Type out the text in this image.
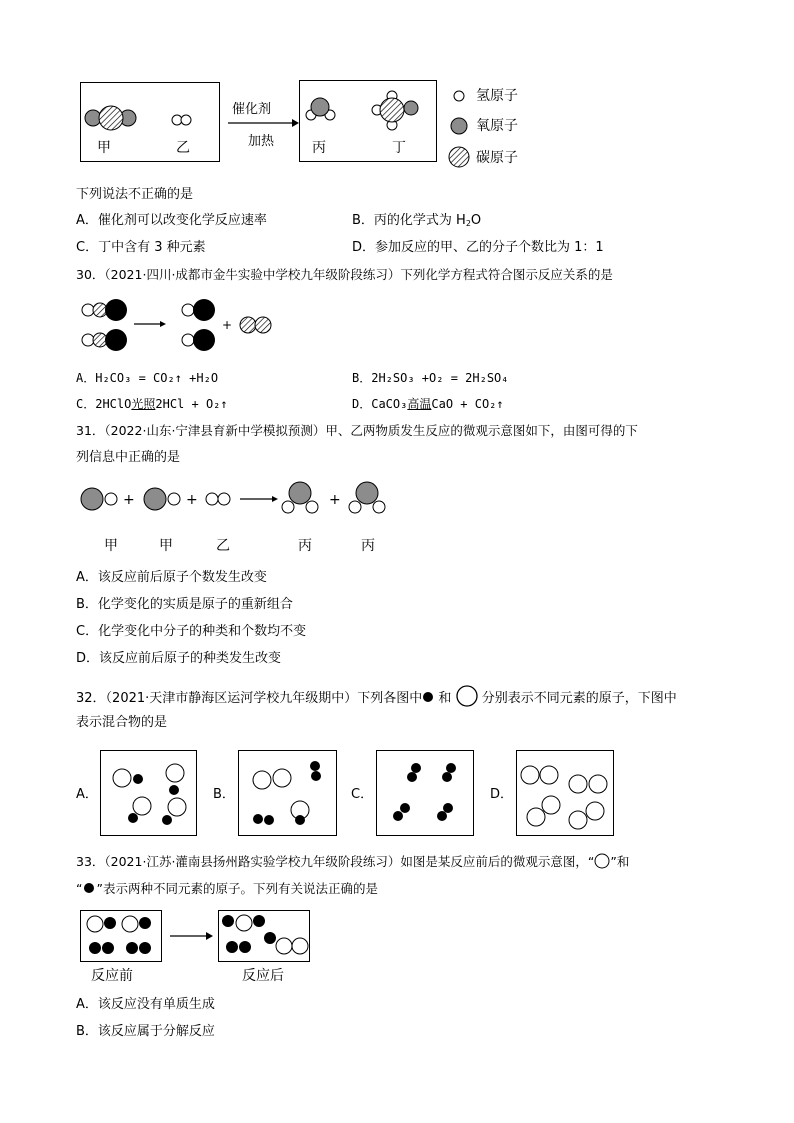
甲	乙
催化剂
加热	丙	丁
氢原子
氧原子
碳原子
下列说法不正确的是
A．催化剂可以改变化学反应速率	B．丙的化学式为 $H_2O$
C．丁中含有 3 种元素	D．参加反应的甲、乙的分子个数比为 1：1
30．（2021·四川·成都市金牛实验中学校九年级阶段练习）下列化学方程式符合图示反应关系的是
+
A．H₂CO₃ = CO₂↑ +H₂O	B．2H₂SO₃ +O₂ = 2H₂SO₄
C．2HClO光照2HCl + O₂↑	D．CaCO₃高温CaO + CO₂↑
31．（2022·山东·宁津县育新中学模拟预测）甲、乙两物质发生反应的微观示意图如下，由图可得的下
列信息中正确的是
+	+	+
甲	甲	乙	丙	丙
A．该反应前后原子个数发生改变
B．化学变化的实质是原子的重新组合
C．化学变化中分子的种类和个数均不变
D．该反应前后原子的种类发生改变
32．（2021·天津市静海区运河学校九年级期中）下列各图中 和 分别表示不同元素的原子，下图中
表示混合物的是
A．	B．	C．	D．
33．（2021·江苏·灌南县扬州路实验学校九年级阶段练习）如图是某反应前后的微观示意图，“ ”和
“ ”表示两种不同元素的原子。下列有关说法正确的是
反应前	反应后
A．该反应没有单质生成
B．该反应属于分解反应
